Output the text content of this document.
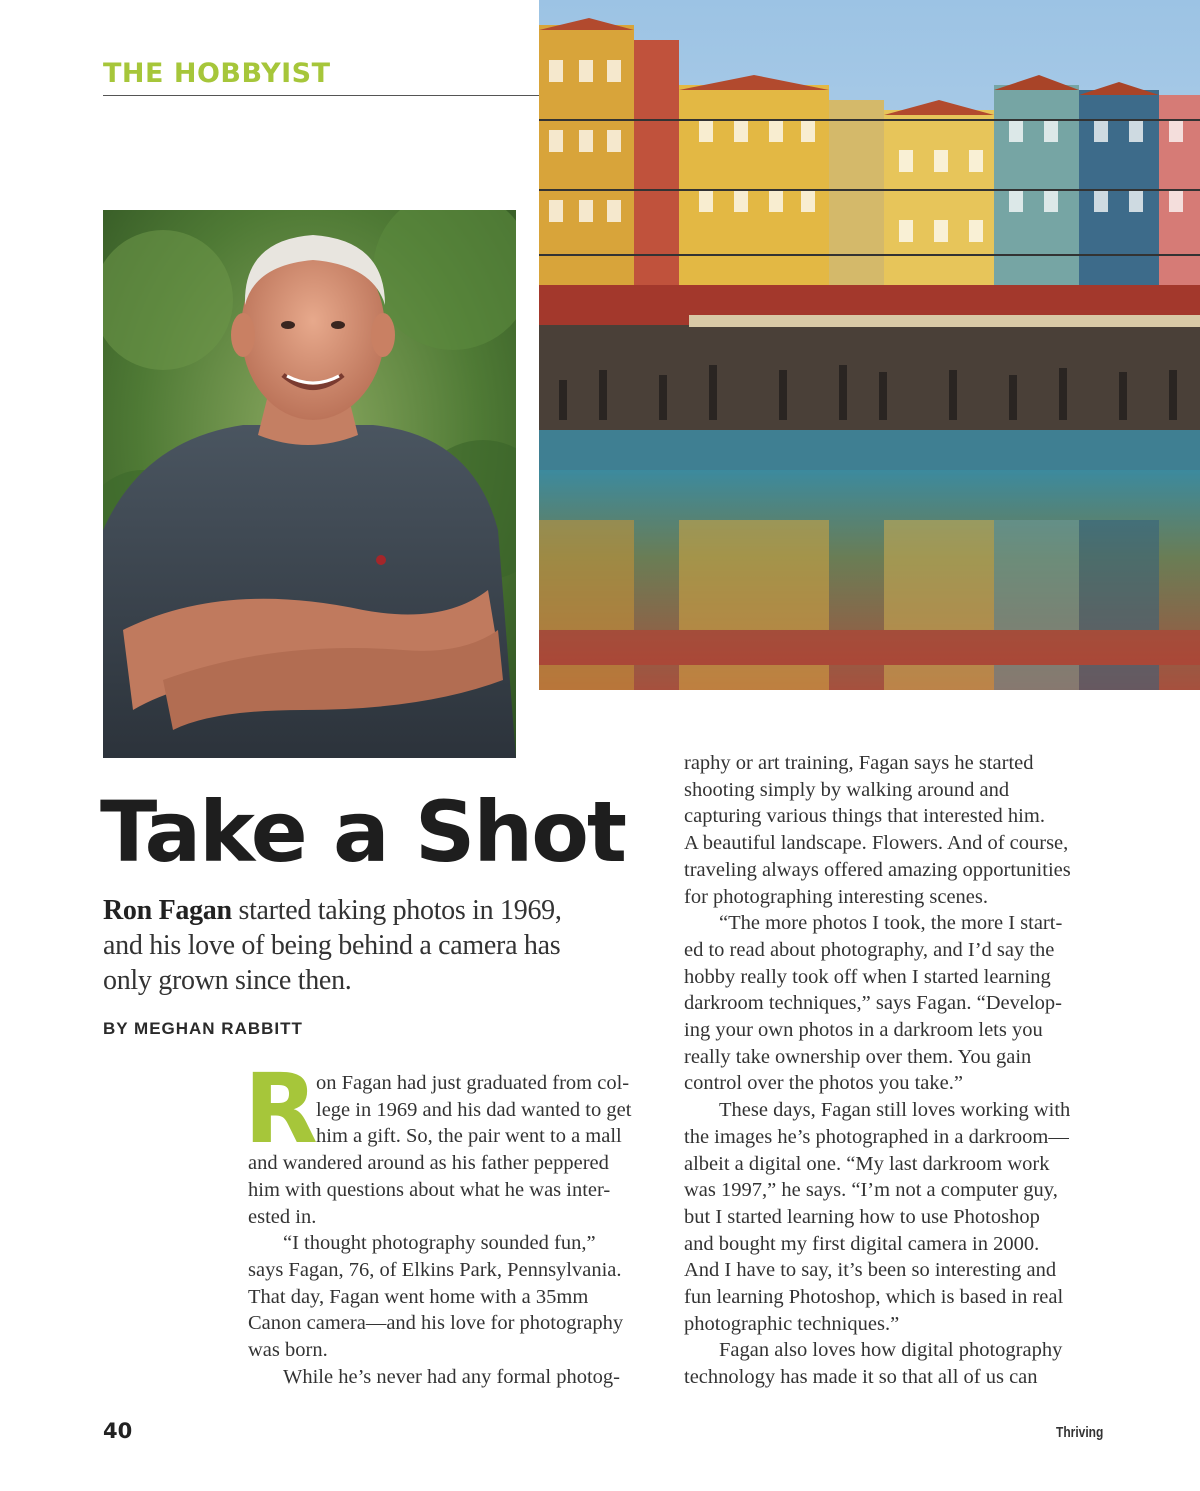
THE HOBBYIST
Take a Shot
Ron Fagan started taking photos in 1969,
and his love of being behind a camera has
only grown since then.
BY MEGHAN RABBITT
R
on Fagan had just graduated from col-
lege in 1969 and his dad wanted to get
him a gift. So, the pair went to a mall
and wandered around as his father peppered
him with questions about what he was inter-
ested in.
“I thought photography sounded fun,”
says Fagan, 76, of Elkins Park, Pennsylvania.
That day, Fagan went home with a 35mm
Canon camera—and his love for photography
was born.
While he’s never had any formal photog-
raphy or art training, Fagan says he started
shooting simply by walking around and
capturing various things that interested him.
A beautiful landscape. Flowers. And of course,
traveling always offered amazing opportunities
for photographing interesting scenes.
“The more photos I took, the more I start-
ed to read about photography, and I’d say the
hobby really took off when I started learning
darkroom techniques,” says Fagan. “Develop-
ing your own photos in a darkroom lets you
really take ownership over them. You gain
control over the photos you take.”
These days, Fagan still loves working with
the images he’s photographed in a darkroom—
albeit a digital one. “My last darkroom work
was 1997,” he says. “I’m not a computer guy,
but I started learning how to use Photoshop
and bought my first digital camera in 2000.
And I have to say, it’s been so interesting and
fun learning Photoshop, which is based in real
photographic techniques.”
Fagan also loves how digital photography
technology has made it so that all of us can
40	Thriving
